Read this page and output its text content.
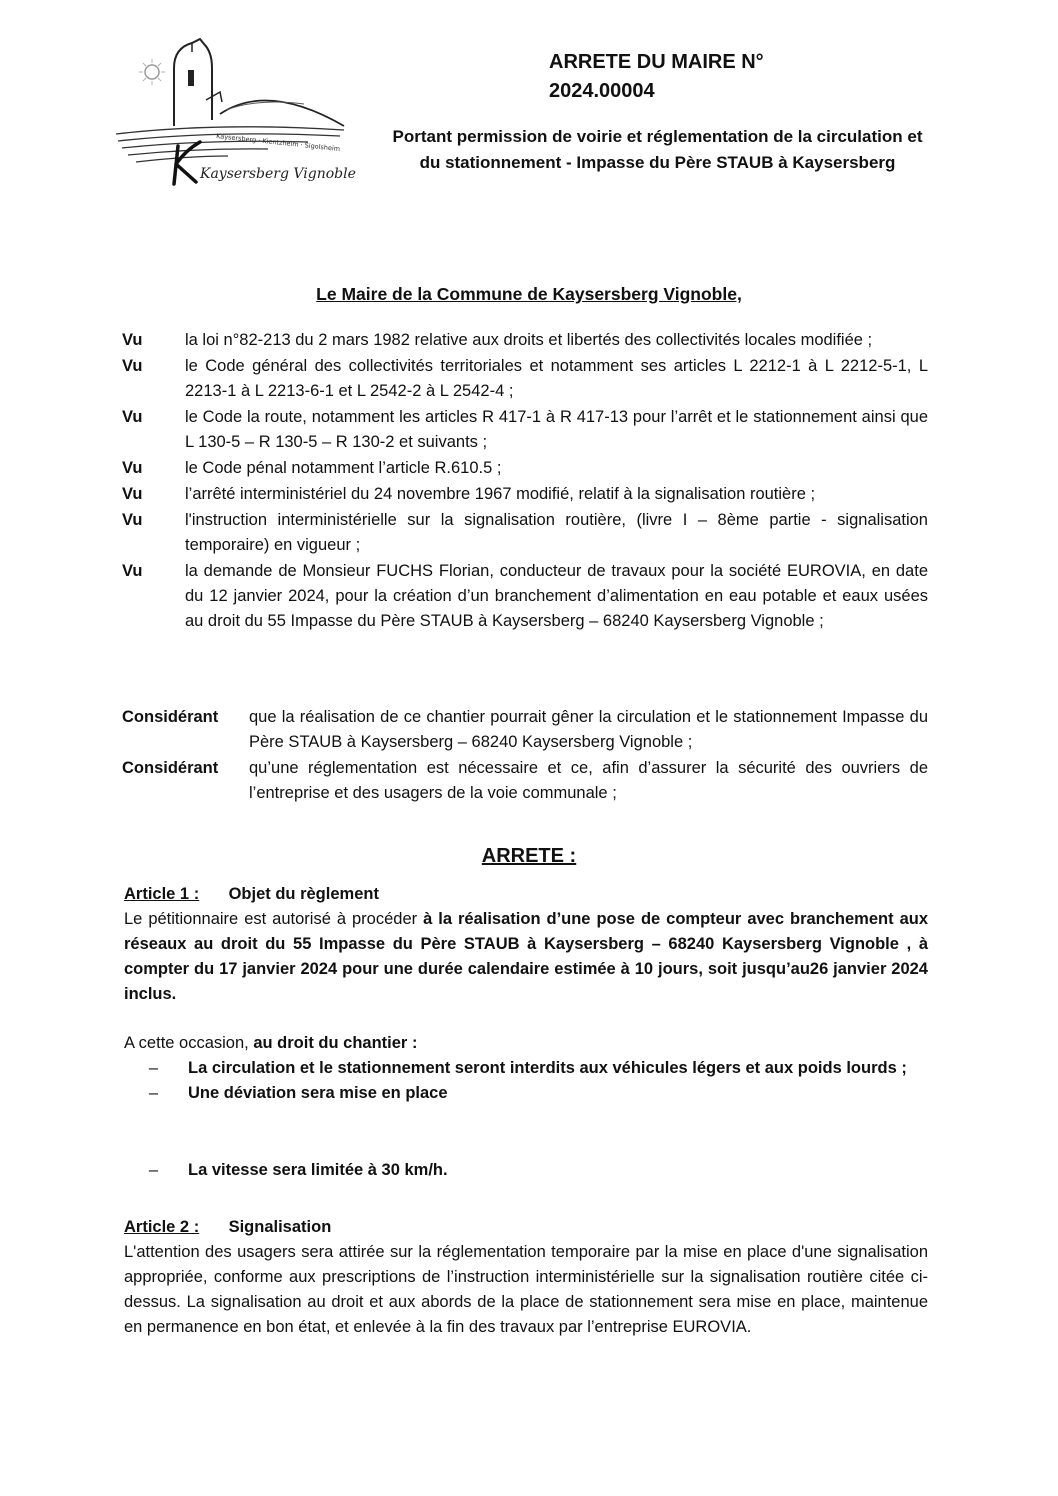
Kaysersberg · Kientzheim · Sigolsheim
Kaysersberg Vignoble
ARRETE DU MAIRE N°
2024.00004
Portant permission de voirie et réglementation de la circulation et du stationnement - Impasse du Père STAUB à Kaysersberg
Le Maire de la Commune de Kaysersberg Vignoble,
Vu	la loi n°82-213 du 2 mars 1982 relative aux droits et libertés des collectivités locales modifiée ;
Vu	le Code général des collectivités territoriales et notamment ses articles L 2212-1 à L 2212-5-1, L 2213-1 à L 2213-6-1 et L 2542-2 à L 2542-4 ;
Vu	le Code la route, notamment les articles R 417-1 à R 417-13 pour l’arrêt et le stationnement ainsi que L 130-5 – R 130-5 – R 130-2 et suivants ;
Vu	le Code pénal notamment l’article R.610.5 ;
Vu	l’arrêté interministériel du 24 novembre 1967 modifié, relatif à la signalisation routière ;
Vu	l'instruction interministérielle sur la signalisation routière, (livre I – 8ème partie - signalisation temporaire) en vigueur ;
Vu	la demande de Monsieur FUCHS Florian, conducteur de travaux pour la société EUROVIA, en date du 12 janvier 2024, pour la création d’un branchement d’alimentation en eau potable et eaux usées au droit du 55 Impasse du Père STAUB à Kaysersberg – 68240 Kaysersberg Vignoble ;
Considérant	que la réalisation de ce chantier pourrait gêner la circulation et le stationnement Impasse du Père STAUB à Kaysersberg – 68240 Kaysersberg Vignoble ;
Considérant	qu’une réglementation est nécessaire et ce, afin d’assurer la sécurité des ouvriers de l’entreprise et des usagers de la voie communale ;
ARRETE :
Article 1 : Objet du règlement
Le pétitionnaire est autorisé à procéder à la réalisation d’une pose de compteur avec branchement aux réseaux au droit du 55 Impasse du Père STAUB à Kaysersberg – 68240 Kaysersberg Vignoble , à compter du 17 janvier 2024 pour une durée calendaire estimée à 10 jours, soit jusqu’au26 janvier 2024 inclus.
A cette occasion, au droit du chantier :
–	La circulation et le stationnement seront interdits aux véhicules légers et aux poids lourds ;
–	Une déviation sera mise en place
–	La vitesse sera limitée à 30 km/h.
Article 2 : Signalisation
L'attention des usagers sera attirée sur la réglementation temporaire par la mise en place d'une signalisation appropriée, conforme aux prescriptions de l’instruction interministérielle sur la signalisation routière citée ci-dessus. La signalisation au droit et aux abords de la place de stationnement sera mise en place, maintenue en permanence en bon état, et enlevée à la fin des travaux par l’entreprise EUROVIA.
